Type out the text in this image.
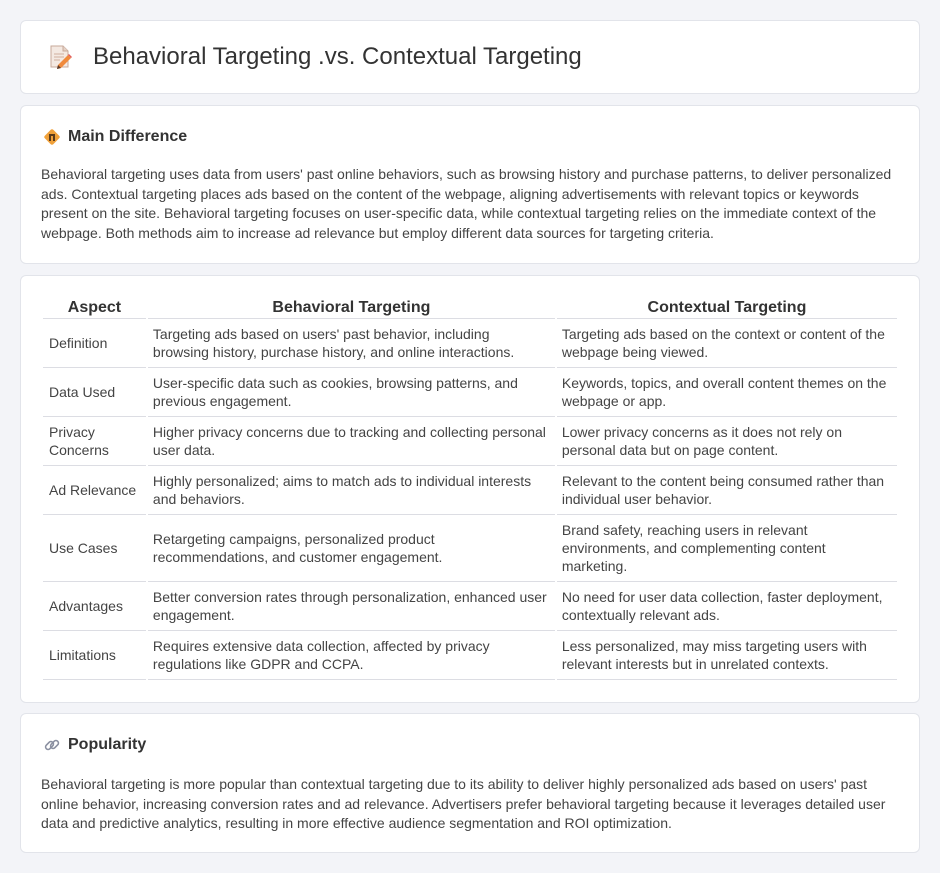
Behavioral Targeting .vs. Contextual Targeting
Main Difference

Behavioral targeting uses data from users' past online behaviors, such as browsing history and purchase patterns, to deliver personalized ads. Contextual targeting places ads based on the content of the webpage, aligning advertisements with relevant topics or keywords present on the site. Behavioral targeting focuses on user-specific data, while contextual targeting relies on the immediate context of the webpage. Both methods aim to increase ad relevance but employ different data sources for targeting criteria.

Aspect	Behavioral Targeting	Contextual Targeting
Definition	Targeting ads based on users' past behavior, including browsing history, purchase history, and online interactions.	Targeting ads based on the context or content of the webpage being viewed.
Data Used	User-specific data such as cookies, browsing patterns, and previous engagement.	Keywords, topics, and overall content themes on the webpage or app.
Privacy Concerns	Higher privacy concerns due to tracking and collecting personal user data.	Lower privacy concerns as it does not rely on personal data but on page content.
Ad Relevance	Highly personalized; aims to match ads to individual interests and behaviors.	Relevant to the content being consumed rather than individual user behavior.
Use Cases	Retargeting campaigns, personalized product recommendations, and customer engagement.	Brand safety, reaching users in relevant environments, and complementing content marketing.
Advantages	Better conversion rates through personalization, enhanced user engagement.	No need for user data collection, faster deployment, contextually relevant ads.
Limitations	Requires extensive data collection, affected by privacy regulations like GDPR and CCPA.	Less personalized, may miss targeting users with relevant interests but in unrelated contexts.
Popularity

Behavioral targeting is more popular than contextual targeting due to its ability to deliver highly personalized ads based on users' past online behavior, increasing conversion rates and ad relevance. Advertisers prefer behavioral targeting because it leverages detailed user data and predictive analytics, resulting in more effective audience segmentation and ROI optimization.
